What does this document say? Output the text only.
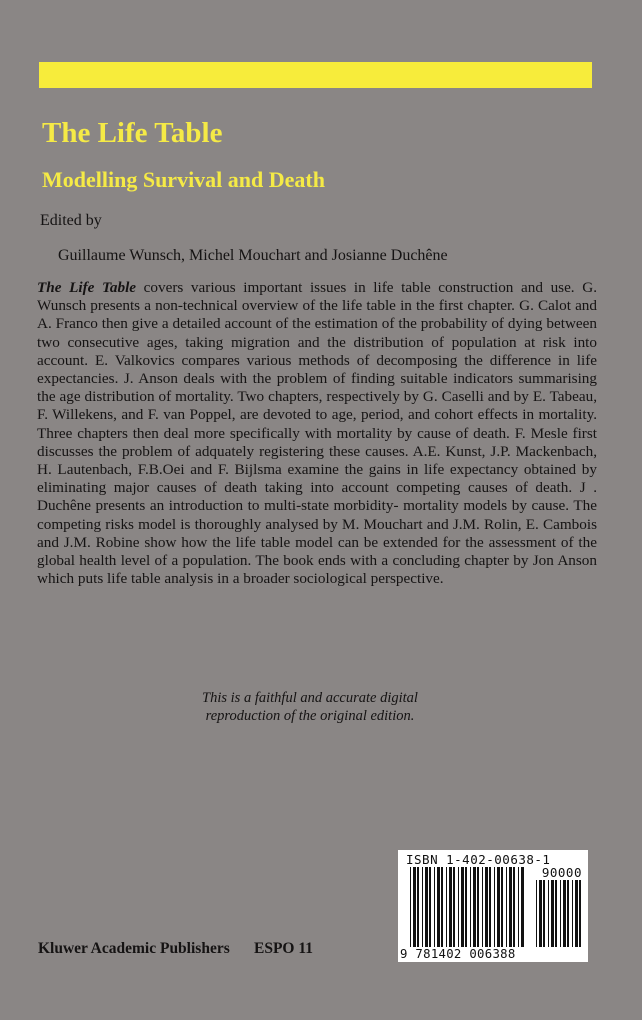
The Life Table
Modelling Survival and Death
Edited by
Guillaume Wunsch, Michel Mouchart and Josianne Duchêne

The Life Table covers various important issues in life table construction and use. G. Wunsch presents a non-technical overview of the life table in the first chapter. G. Calot and A. Franco then give a detailed account of the estimation of the probability of dying between two consecutive ages, taking migration and the distribution of population at risk into account. E. Valkovics compares various methods of decomposing the difference in life expectancies. J. Anson deals with the problem of finding suitable indicators summarising the age distribution of mortality. Two chapters, respectively by G. Caselli and by E. Tabeau, F. Willekens, and F. van Poppel, are devoted to age, period, and cohort effects in mortality. Three chapters then deal more specifically with mortality by cause of death. F. Mesle first discusses the problem of adquately registering these causes. A.E. Kunst, J.P. Mackenbach, H. Lautenbach, F.B.Oei and F. Bijlsma examine the gains in life expectancy obtained by eliminating major causes of death taking into account competing causes of death. J . Duchêne presents an introduction to multi-state morbidity- mortality models by cause. The competing risks model is thoroughly analysed by M. Mouchart and J.M. Rolin, E. Cambois and J.M. Robine show how the life table model can be extended for the assessment of the global health level of a population. The book ends with a concluding chapter by Jon Anson which puts life table analysis in a broader sociological perspective.

This is a faithful and accurate digital
reproduction of the original edition.
Kluwer Academic Publishers ESPO 11
ISBN 1-402-00638-1
90000
9 781402 006388
